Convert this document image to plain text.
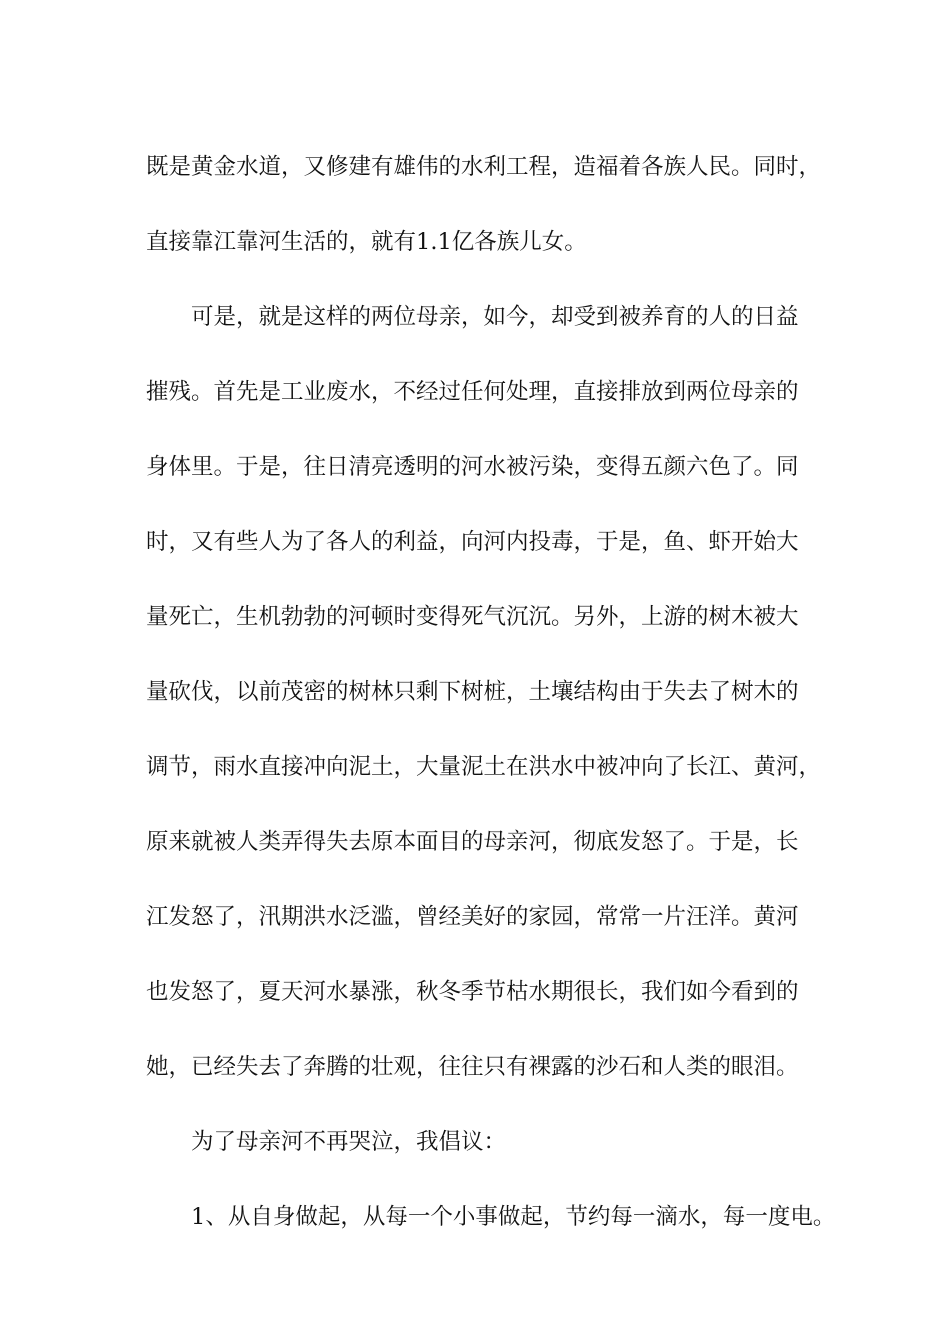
既是黄金水道，又修建有雄伟的水利工程，造福着各族人民。同时，
直接靠江靠河生活的，就有1.1亿各族儿女。
可是，就是这样的两位母亲，如今，却受到被养育的人的日益
摧残。首先是工业废水，不经过任何处理，直接排放到两位母亲的
身体里。于是，往日清亮透明的河水被污染，变得五颜六色了。同
时，又有些人为了各人的利益，向河内投毒，于是，鱼、虾开始大
量死亡，生机勃勃的河顿时变得死气沉沉。另外，上游的树木被大
量砍伐，以前茂密的树林只剩下树桩，土壤结构由于失去了树木的
调节，雨水直接冲向泥土，大量泥土在洪水中被冲向了长江、黄河，
原来就被人类弄得失去原本面目的母亲河，彻底发怒了。于是，长
江发怒了，汛期洪水泛滥，曾经美好的家园，常常一片汪洋。黄河
也发怒了，夏天河水暴涨，秋冬季节枯水期很长，我们如今看到的
她，已经失去了奔腾的壮观，往往只有裸露的沙石和人类的眼泪。
为了母亲河不再哭泣，我倡议：
1、从自身做起，从每一个小事做起，节约每一滴水，每一度电。
